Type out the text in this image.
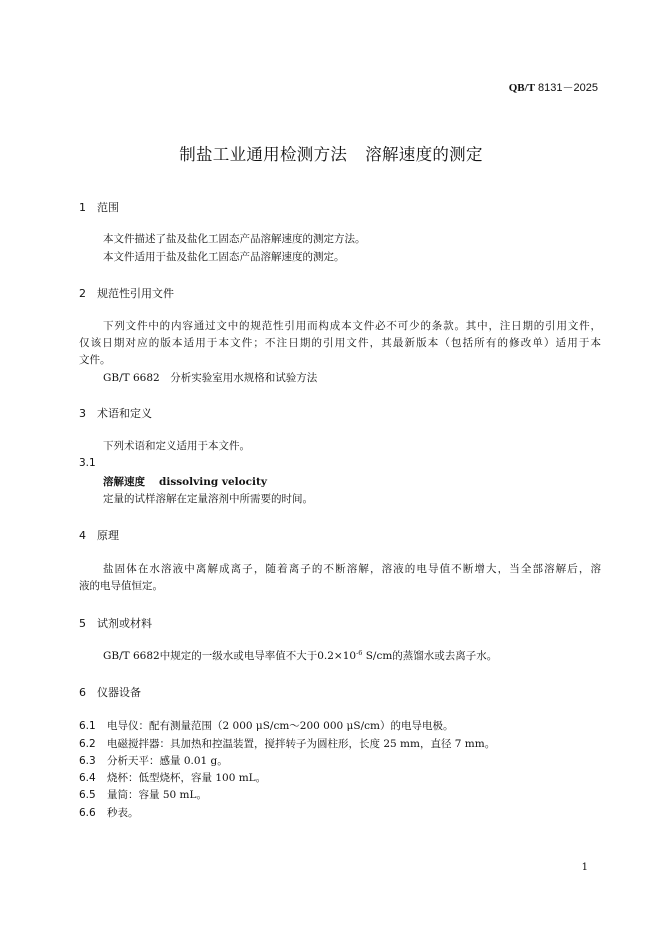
QB/T 8131－2025
制盐工业通用检测方法 溶解速度的测定
1 范围
本文件描述了盐及盐化工固态产品溶解速度的测定方法。
本文件适用于盐及盐化工固态产品溶解速度的测定。
2 规范性引用文件
下列文件中的内容通过文中的规范性引用而构成本文件必不可少的条款。其中，注日期的引用文件，
仅该日期对应的版本适用于本文件；不注日期的引用文件，其最新版本（包括所有的修改单）适用于本
文件。
GB/T 6682　分析实验室用水规格和试验方法
3 术语和定义
下列术语和定义适用于本文件。
3.1
溶解速度 dissolving velocity
定量的试样溶解在定量溶剂中所需要的时间。
4 原理
盐固体在水溶液中离解成离子，随着离子的不断溶解，溶液的电导值不断增大，当全部溶解后，溶
液的电导值恒定。
5 试剂或材料
GB/T 6682中规定的一级水或电导率值不大于$0.2\times 10^{-6}$ S/cm的蒸馏水或去离子水。
6 仪器设备
6.1 电导仪：配有测量范围（2 000 μS/cm～200 000 μS/cm）的电导电极。
6.2 电磁搅拌器：具加热和控温装置，搅拌转子为圆柱形，长度 25 mm，直径 7 mm。
6.3 分析天平：感量 0.01 g。
6.4 烧杯：低型烧杯，容量 100 mL。
6.5 量筒：容量 50 mL。
6.6 秒表。
1
